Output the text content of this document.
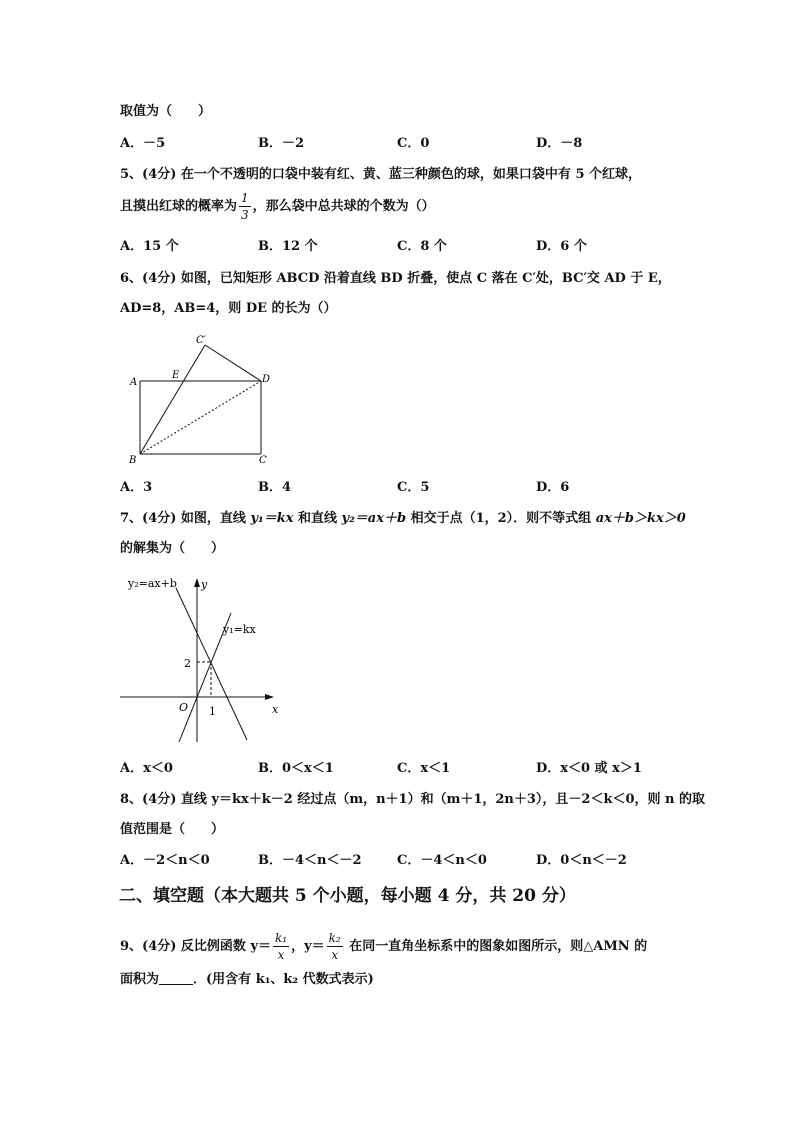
取值为（　　）
A．－5	B．－2	C．0	D．－8
5、(4分) 在一个不透明的口袋中装有红、黄、蓝三种颜色的球，如果口袋中有 5 个红球，
且摸出红球的概率为 $\frac{1}{3}$ ，那么袋中总共球的个数为（）
A．15 个	B．12 个	C．8 个	D．6 个
6、(4分) 如图，已知矩形 ABCD 沿着直线 BD 折叠，使点 C 落在 C′处，BC′交 AD 于 E，
AD=8，AB=4，则 DE 的长为（）
A
B	C
D
E
C′
A．3	B．4	C．5	D．6
7、(4分) 如图，直线 y₁＝kx 和直线 y₂＝ax＋b 相交于点（1，2）．则不等式组 ax＋b＞kx＞0
的解集为（　　）
y₂=ax+b
y₁=kx
y
x
O
2
1
A．x＜0	B．0＜x＜1	C．x＜1	D．x＜0 或 x＞1
8、(4分) 直线 y＝kx＋k－2 经过点（m，n＋1）和（m＋1，2n＋3），且－2＜k＜0，则 n 的取
值范围是（　　）
A．－2＜n＜0	B．－4＜n＜－2	C．－4＜n＜0	D．0＜n＜－2
二、填空题（本大题共 5 个小题，每小题 4 分，共 20 分）
9、(4分) 反比例函数 $y= \frac{\text{k₁}}{x}$ ，$y= \frac{\text{k₂}}{x}$ 在同一直角坐标系中的图象如图所示，则△AMN 的
面积为	．(用含有 k₁、k₂ 代数式表示)
